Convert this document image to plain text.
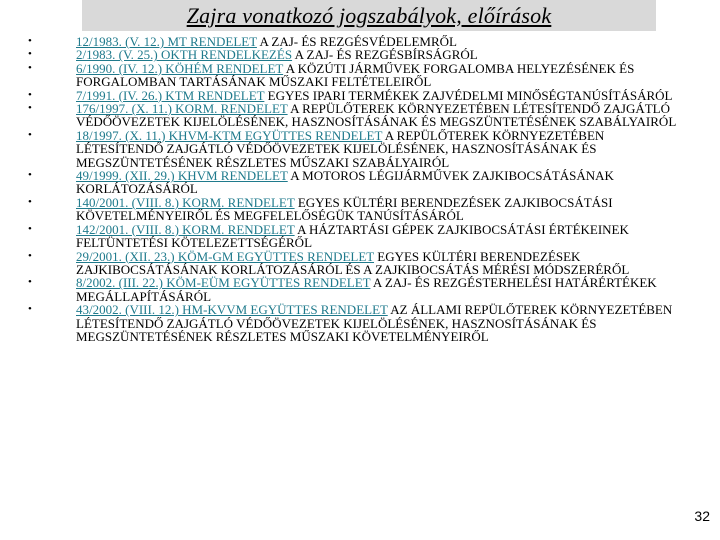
Zajra vonatkozó jogszabályok, előírások
•	12/1983. (V. 12.) MT RENDELET A ZAJ- ÉS REZGÉSVÉDELEMRŐL
•	2/1983. (V. 25.) OKTH RENDELKEZÉS A ZAJ- ÉS REZGÉSBÍRSÁGRÓL
•	6/1990. (IV. 12.) KÖHÉM RENDELET A KÖZÚTI JÁRMŰVEK FORGALOMBA HELYEZÉSÉNEK ÉS FORGALOMBAN TARTÁSÁNAK MŰSZAKI FELTÉTELEIRŐL
•	7/1991. (IV. 26.) KTM RENDELET EGYES IPARI TERMÉKEK ZAJVÉDELMI MINŐSÉGTANÚSÍTÁSÁRÓL
•	176/1997. (X. 11.) KORM. RENDELET A REPÜLŐTEREK KÖRNYEZETÉBEN LÉTESÍTENDŐ ZAJGÁTLÓ VÉDŐÖVEZETEK KIJELÖLÉSÉNEK, HASZNOSÍTÁSÁNAK ÉS MEGSZÜNTETÉSÉNEK SZABÁLYAIRÓL
•	18/1997. (X. 11.) KHVM-KTM EGYÜTTES RENDELET A REPÜLŐTEREK KÖRNYEZETÉBEN LÉTESÍTENDŐ ZAJGÁTLÓ VÉDŐÖVEZETEK KIJELÖLÉSÉNEK, HASZNOSÍTÁSÁNAK ÉS MEGSZÜNTETÉSÉNEK RÉSZLETES MŰSZAKI SZABÁLYAIRÓL
•	49/1999. (XII. 29.) KHVM RENDELET A MOTOROS LÉGIJÁRMŰVEK ZAJKIBOCSÁTÁSÁNAK KORLÁTOZÁSÁRÓL
•	140/2001. (VIII. 8.) KORM. RENDELET EGYES KÜLTÉRI BERENDEZÉSEK ZAJKIBOCSÁTÁSI KÖVETELMÉNYEIRŐL ÉS MEGFELELŐSÉGÜK TANÚSÍTÁSÁRÓL
•	142/2001. (VIII. 8.) KORM. RENDELET A HÁZTARTÁSI GÉPEK ZAJKIBOCSÁTÁSI ÉRTÉKEINEK FELTÜNTETÉSI KÖTELEZETTSÉGÉRŐL
•	29/2001. (XII. 23.) KÖM-GM EGYÜTTES RENDELET EGYES KÜLTÉRI BERENDEZÉSEK ZAJKIBOCSÁTÁSÁNAK KORLÁTOZÁSÁRÓL ÉS A ZAJKIBOCSÁTÁS MÉRÉSI MÓDSZERÉRŐL
•	8/2002. (III. 22.) KÖM-EÜM EGYÜTTES RENDELET A ZAJ- ÉS REZGÉSTERHELÉSI HATÁRÉRTÉKEK MEGÁLLAPÍTÁSÁRÓL
•	43/2002. (VIII. 12.) HM-KVVM EGYÜTTES RENDELET AZ ÁLLAMI REPÜLŐTEREK KÖRNYEZETÉBEN LÉTESÍTENDŐ ZAJGÁTLÓ VÉDŐÖVEZETEK KIJELÖLÉSÉNEK, HASZNOSÍTÁSÁNAK ÉS MEGSZÜNTETÉSÉNEK RÉSZLETES MŰSZAKI KÖVETELMÉNYEIRŐL
32
